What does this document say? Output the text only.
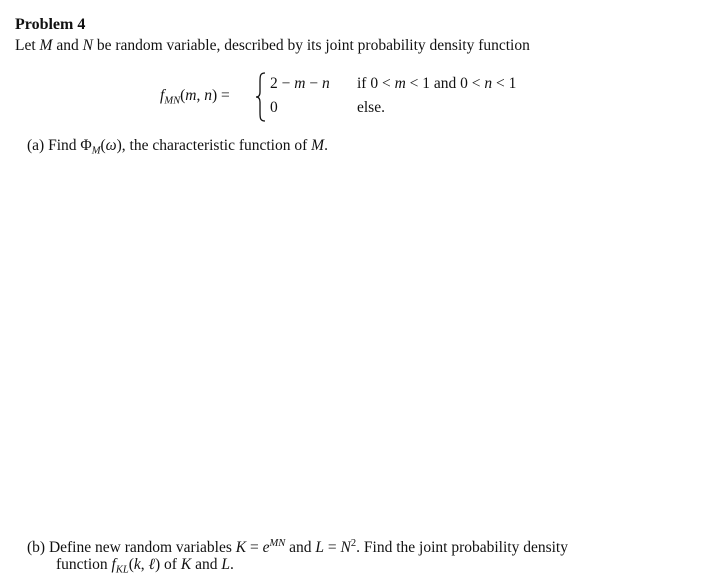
Problem 4
Let M and N be random variable, described by its joint probability density function
$f_{MN}(m$, n) =
2 − m − n if 0 < m < 1 and 0 < n < 1
0	else.
(a) Find $\Phi_M(\omega)$, the characteristic function of M.
(b) Define new random variables $K = e^{MN}$ and $L = N^2$. Find the joint probability density
function $f_{KL}(k$, ℓ) of K and L.
